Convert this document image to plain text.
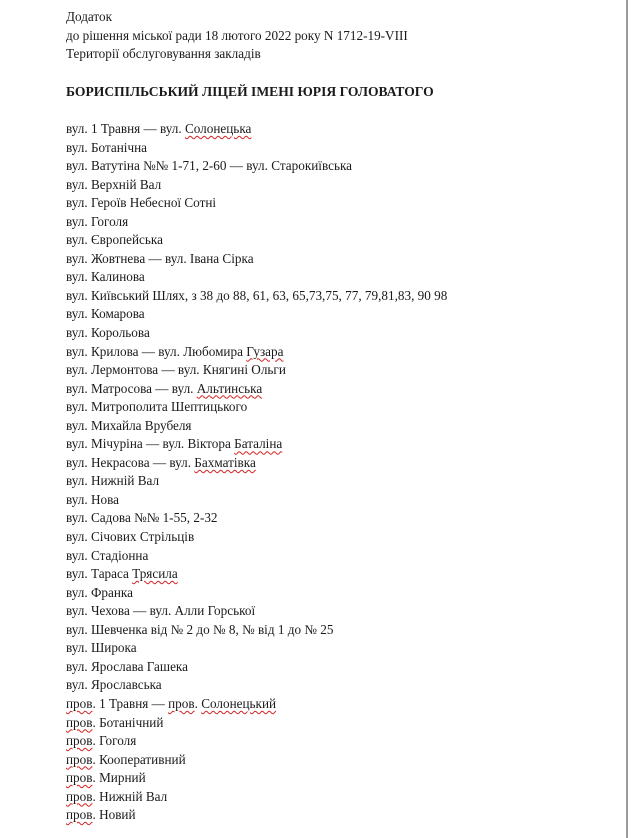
Додаток
до рішення міської ради 18 лютого 2022 року N 1712-19-VIII
Території обслуговування закладів
БОРИСПІЛЬСЬКИЙ ЛІЦЕЙ ІМЕНІ ЮРІЯ ГОЛОВАТОГО
вул. 1 Травня — вул. Солонецька
вул. Ботанічна
вул. Ватутіна №№ 1-71, 2-60 — вул. Старокиївська
вул. Верхній Вал
вул. Героїв Небесної Сотні
вул. Гоголя
вул. Європейська
вул. Жовтнева — вул. Івана Сірка
вул. Калинова
вул. Київський Шлях, з 38 до 88, 61, 63, 65,73,75, 77, 79,81,83, 90 98
вул. Комарова
вул. Корольова
вул. Крилова — вул. Любомира Гузара
вул. Лермонтова — вул. Княгині Ольги
вул. Матросова — вул. Альтинська
вул. Митрополита Шептицького
вул. Михайла Врубеля
вул. Мічуріна — вул. Віктора Баталіна
вул. Некрасова — вул. Бахматівка
вул. Нижній Вал
вул. Нова
вул. Садова №№ 1-55, 2-32
вул. Січових Стрільців
вул. Стадіонна
вул. Тараса Трясила
вул. Франка
вул. Чехова — вул. Алли Горської
вул. Шевченка від № 2 до № 8, № від 1 до № 25
вул. Широка
вул. Ярослава Гашека
вул. Ярославська
пров. 1 Травня — пров. Солонецький
пров. Ботанічний
пров. Гоголя
пров. Кооперативний
пров. Мирний
пров. Нижній Вал
пров. Новий
